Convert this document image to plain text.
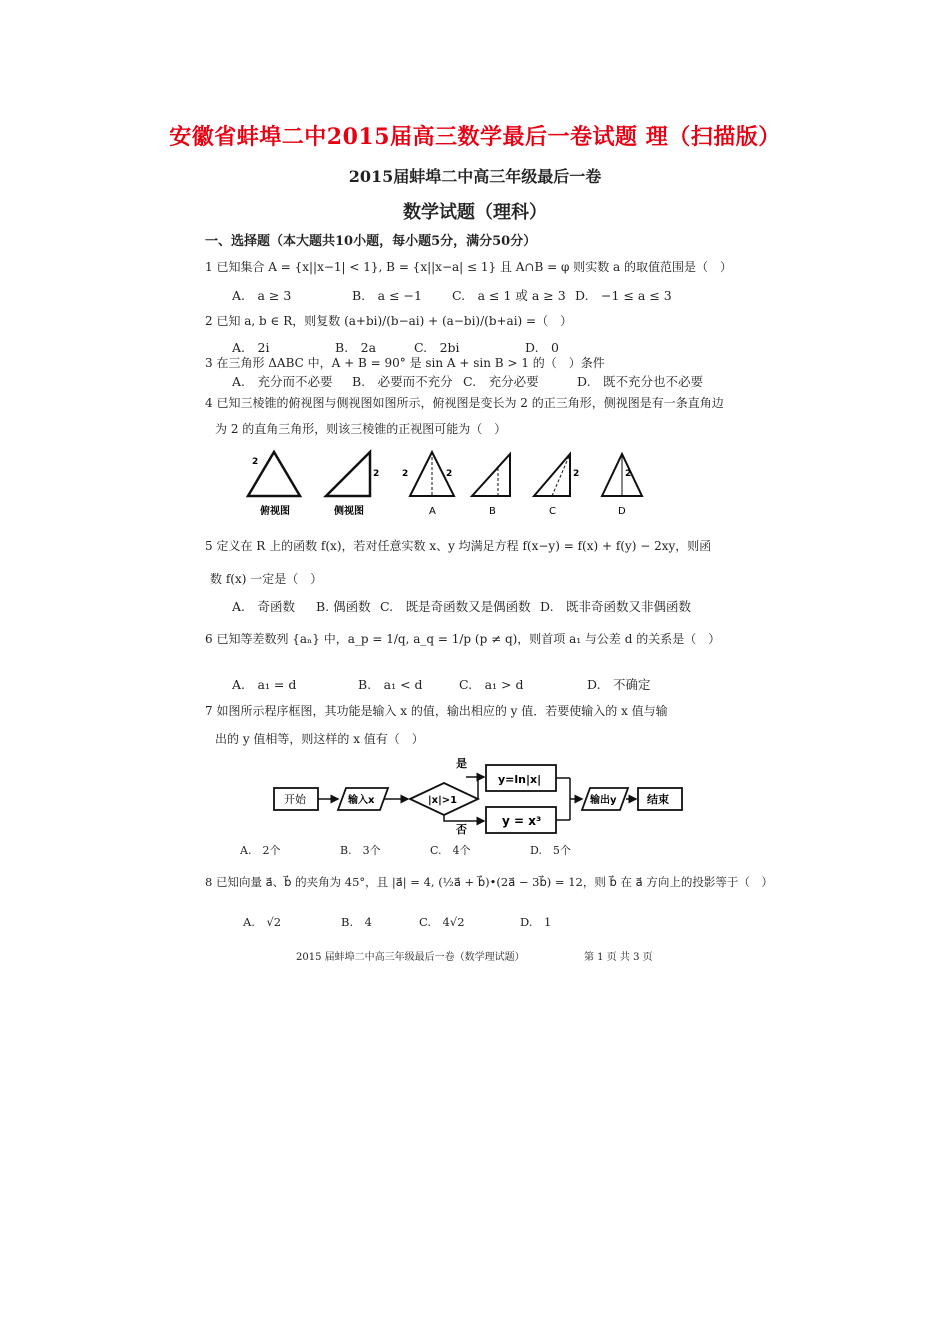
安徽省蚌埠二中2015届高三数学最后一卷试题 理（扫描版）
2015届蚌埠二中高三年级最后一卷
数学试题（理科）
一、选择题（本大题共10小题，每小题5分，满分50分）
1 已知集合 A = {x||x−1| < 1}, B = {x||x−a| ≤ 1} 且 A∩B = φ 则实数 a 的取值范围是（　）
A.　a ≥ 3	B.　a ≤ −1 C.　a ≤ 1 或 a ≥ 3 D.　−1 ≤ a ≤ 3
2 已知 a, b ∈ R，则复数 (a+bi)/(b−ai) + (a−bi)/(b+ai) =（　）
A.　2i	B.　2a	C.　2bi	D.　0
3 在三角形 ΔABC 中，A + B = 90° 是 sin A + sin B > 1 的（　）条件
A.　充分而不必要 B.　必要而不充分 C.　充分必要	D.　既不充分也不必要
4 已知三棱锥的俯视图与侧视图如图所示，俯视图是变长为 2 的正三角形，侧视图是有一条直角边
为 2 的直角三角形，则该三棱锥的正视图可能为（　）
2
2	2	2	2	2
俯视图	侧视图	A	B	C	D
5 定义在 R 上的函数 f(x)，若对任意实数 x、y 均满足方程 f(x−y) = f(x) + f(y) − 2xy，则函
数 f(x) 一定是（　）
A.　奇函数 B. 偶函数 C.　既是奇函数又是偶函数 D.　既非奇函数又非偶函数
6 已知等差数列 {aₙ} 中，a_p = 1/q, a_q = 1/p (p ≠ q)，则首项 a₁ 与公差 d 的关系是（　）
A.　a₁ = d	B.　a₁ < d	C.　a₁ > d	D.　不确定
7 如图所示程序框图，其功能是输入 x 的值，输出相应的 y 值．若要使输入的 x 值与输
出的 y 值相等，则这样的 x 值有（　）
开始	输入x	|x|>1
是
y=ln|x|
否
y = x³
输出y	结束
A.　2个	B.　3个	C.　4个	D.　5个
8 已知向量 a⃗、b⃗ 的夹角为 45°，且 |a⃗| = 4, (½a⃗ + b⃗)•(2a⃗ − 3b⃗) = 12，则 b⃗ 在 a⃗ 方向上的投影等于（　）
A.　√2	B.　4	C.　4√2	D.　1
2015 届蚌埠二中高三年级最后一卷（数学理试题）	第 1 页 共 3 页
